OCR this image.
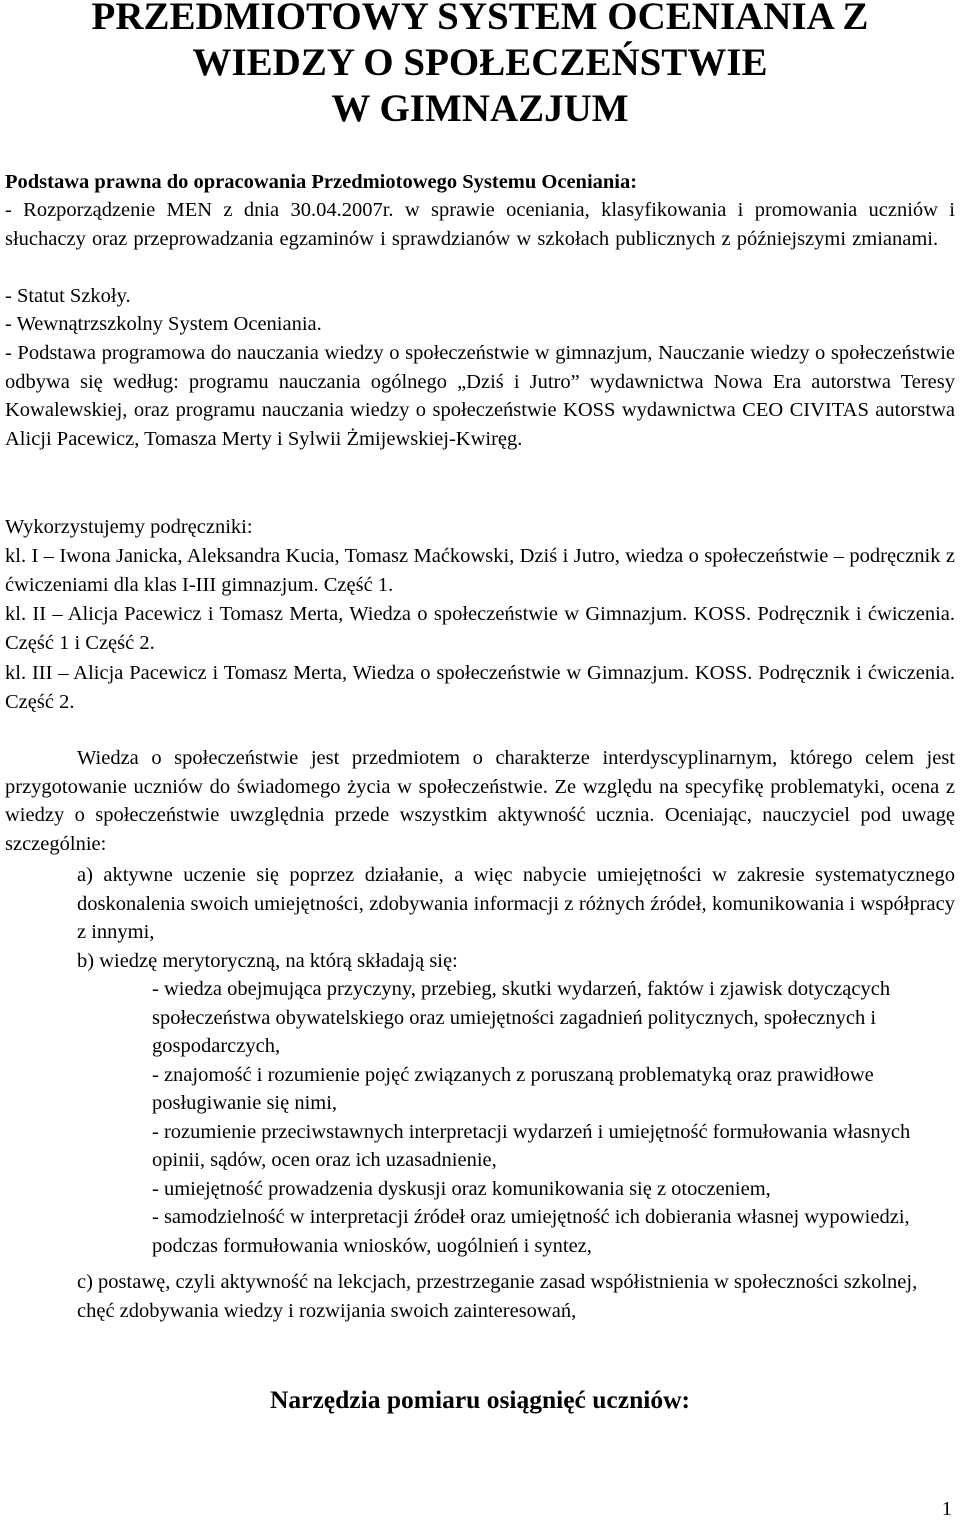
PRZEDMIOTOWY SYSTEM OCENIANIA Z
WIEDZY O SPOŁECZEŃSTWIE
W GIMNAZJUM

Podstawa prawna do opracowania Przedmiotowego Systemu Oceniania:

- Rozporządzenie MEN z dnia 30.04.2007r. w sprawie oceniania, klasyfikowania i promowania uczniów i słuchaczy oraz przeprowadzania egzaminów i sprawdzianów w szkołach publicznych z późniejszymi zmianami.

- Statut Szkoły.

- Wewnątrzszkolny System Oceniania.

- Podstawa programowa do nauczania wiedzy o społeczeństwie w gimnazjum, Nauczanie wiedzy o społeczeństwie odbywa się według: programu nauczania ogólnego „Dziś i Jutro” wydawnictwa Nowa Era autorstwa Teresy Kowalewskiej, oraz programu nauczania wiedzy o społeczeństwie KOSS wydawnictwa CEO CIVITAS autorstwa Alicji Pacewicz, Tomasza Merty i Sylwii Żmijewskiej-Kwiręg.

Wykorzystujemy podręczniki:

kl. I – Iwona Janicka, Aleksandra Kucia, Tomasz Maćkowski, Dziś i Jutro, wiedza o społeczeństwie – podręcznik z ćwiczeniami dla klas I-III gimnazjum. Część 1.

kl. II – Alicja Pacewicz i Tomasz Merta, Wiedza o społeczeństwie w Gimnazjum. KOSS. Podręcznik i ćwiczenia. Część 1 i Część 2.

kl. III – Alicja Pacewicz i Tomasz Merta, Wiedza o społeczeństwie w Gimnazjum. KOSS. Podręcznik i ćwiczenia. Część 2.

Wiedza o społeczeństwie jest przedmiotem o charakterze interdyscyplinarnym, którego celem jest przygotowanie uczniów do świadomego życia w społeczeństwie. Ze względu na specyfikę problematyki, ocena z wiedzy o społeczeństwie uwzględnia przede wszystkim aktywność ucznia. Oceniając, nauczyciel pod uwagę szczególnie:

a) aktywne uczenie się poprzez działanie, a więc nabycie umiejętności w zakresie systematycznego doskonalenia swoich umiejętności, zdobywania informacji z różnych źródeł, komunikowania i współpracy z innymi,

b) wiedzę merytoryczną, na którą składają się:

- wiedza obejmująca przyczyny, przebieg, skutki wydarzeń, faktów i zjawisk dotyczących społeczeństwa obywatelskiego oraz umiejętności zagadnień politycznych, społecznych i gospodarczych,
- znajomość i rozumienie pojęć związanych z poruszaną problematyką oraz prawidłowe posługiwanie się nimi,
- rozumienie przeciwstawnych interpretacji wydarzeń i umiejętność formułowania własnych opinii, sądów, ocen oraz ich uzasadnienie,
- umiejętność prowadzenia dyskusji oraz komunikowania się z otoczeniem,
- samodzielność w interpretacji źródeł oraz umiejętność ich dobierania własnej wypowiedzi, podczas formułowania wniosków, uogólnień i syntez,

c) postawę, czyli aktywność na lekcjach, przestrzeganie zasad współistnienia w społeczności szkolnej, chęć zdobywania wiedzy i rozwijania swoich zainteresowań,

Narzędzia pomiaru osiągnięć uczniów:
1
